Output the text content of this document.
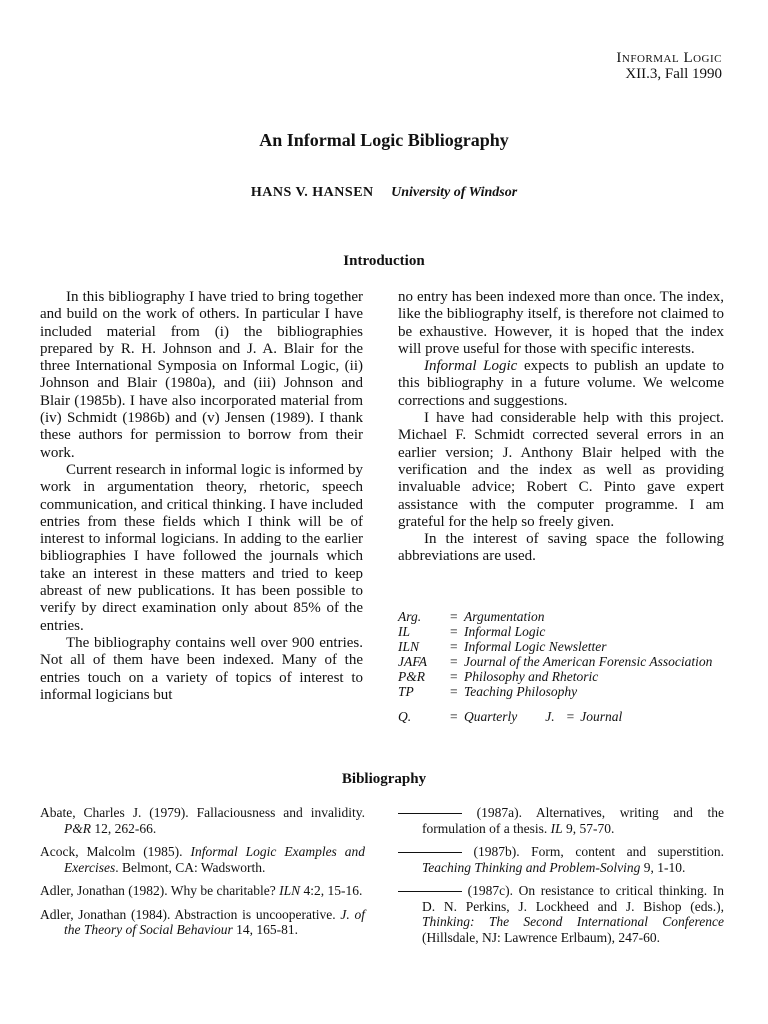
Informal Logic
XII.3, Fall 1990
An Informal Logic Bibliography
HANS V. HANSEN University of Windsor
Introduction

In this bibliography I have tried to bring together and build on the work of others. In particular I have included material from (i) the bibliographies prepared by R. H. Johnson and J. A. Blair for the three International Symposia on Informal Logic, (ii) Johnson and Blair (1980a), and (iii) Johnson and Blair (1985b). I have also incorporated material from (iv) Schmidt (1986b) and (v) Jensen (1989). I thank these authors for permission to borrow from their work.

Current research in informal logic is informed by work in argumentation theory, rhetoric, speech communication, and critical thinking. I have included entries from these fields which I think will be of interest to informal logicians. In adding to the earlier bibliographies I have followed the journals which take an interest in these matters and tried to keep abreast of new publications. It has been possible to verify by direct examination only about 85% of the entries.

The bibliography contains well over 900 entries. Not all of them have been indexed. Many of the entries touch on a variety of topics of interest to informal logicians but

no entry has been indexed more than once. The index, like the bibliography itself, is therefore not claimed to be exhaustive. However, it is hoped that the index will prove useful for those with specific interests.

Informal Logic expects to publish an update to this bibliography in a future volume. We welcome corrections and suggestions.

I have had considerable help with this project. Michael F. Schmidt corrected several errors in an earlier version; J. Anthony Blair helped with the verification and the index as well as providing invaluable advice; Robert C. Pinto gave expert assistance with the computer programme. I am grateful for the help so freely given.

In the interest of saving space the following abbreviations are used.

Arg.	=	Argumentation
IL	=	Informal Logic
ILN	=	Informal Logic Newsletter
JAFA	=	Journal of the American Forensic Association
P&R	=	Philosophy and Rhetoric
TP	=	Teaching Philosophy
Q.	=	Quarterly J. = Journal
Bibliography
Abate, Charles J. (1979). Fallaciousness and invalidity. P&R 12, 262-66.
Acock, Malcolm (1985). Informal Logic Examples and Exercises. Belmont, CA: Wadsworth.
Adler, Jonathan (1982). Why be charitable? ILN 4:2, 15-16.
Adler, Jonathan (1984). Abstraction is uncooperative. J. of the Theory of Social Behaviour 14, 165-81.
(1987a). Alternatives, writing and the formulation of a thesis. IL 9, 57-70.
(1987b). Form, content and superstition. Teaching Thinking and Problem-Solving 9, 1-10.
(1987c). On resistance to critical thinking. In D. N. Perkins, J. Lockheed and J. Bishop (eds.), Thinking: The Second International Conference (Hillsdale, NJ: Lawrence Erlbaum), 247-60.
